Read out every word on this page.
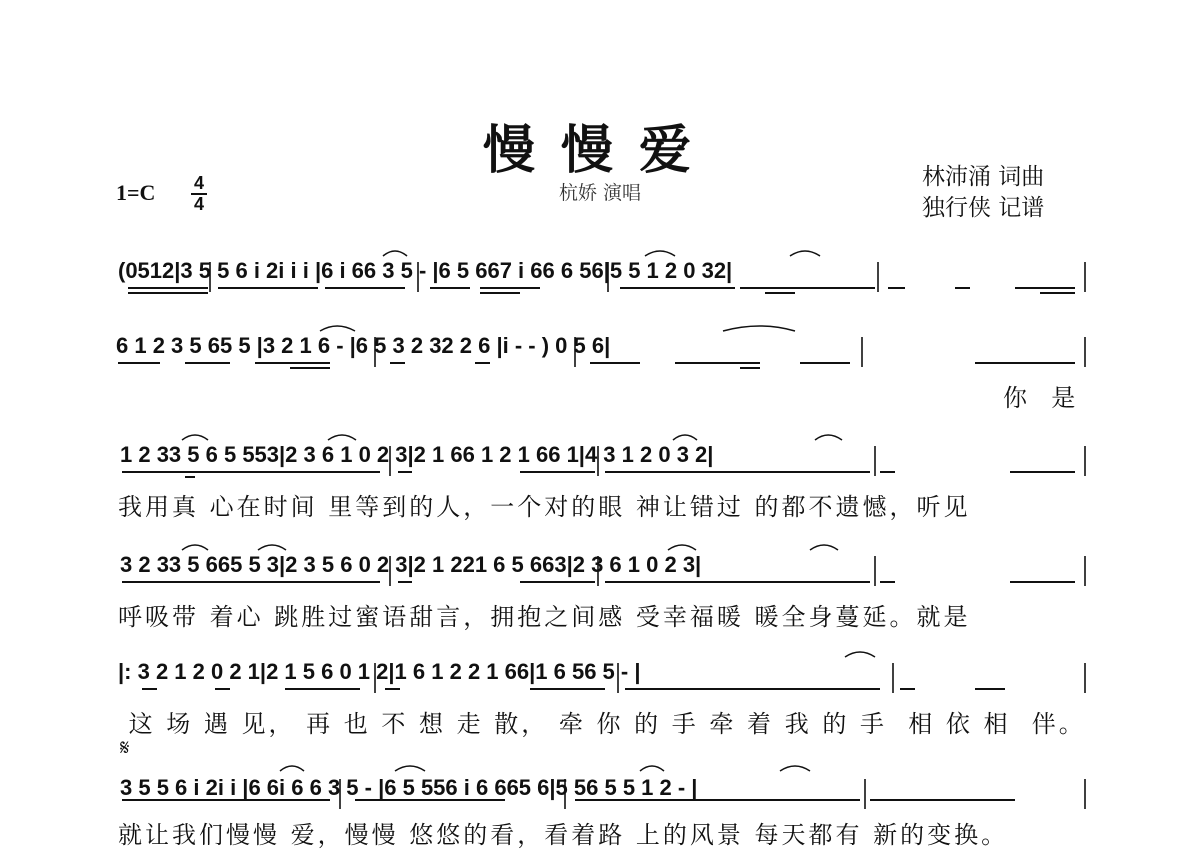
慢慢爱
杭娇 演唱
林沛涌 词曲
独行侠 记谱
1=C 4
4
(0512|3 5 5 6 i 2i i i |6 i 66 3 5 - |6 5 667 i 66 6 56|5 5 1 2 0 32|
6 1 2 3 5 65 5 |3 2 1 6 - |6 5 3 2 32 2 6 |i - - ) 0 5 6|
你  是
1 2 33 5 6 5 553|2 3 6 1 0 2 3|2 1 66 1 2 1 66 1|4 3 1 2 0 3 2|
我用真 心在时间 里等到的人，一个对的眼 神让错过 的都不遗憾，听见
3 2 33 5 665 5 3|2 3 5 6 0 2 3|2 1 221 6 5 663|2 3 6 1 0 2 3|
呼吸带 着心 跳胜过蜜语甜言，拥抱之间感 受幸福暖 暖全身蔓延。就是
|: 3 2 1 2 0 2 1|2 1 5 6 0 1 2|1 6 1 2 2 1 66|1 6 56 5 - |
这 场 遇 见， 再 也 不 想 走 散， 牵 你 的 手 牵 着 我 的 手  相 依 相  伴。
𝄋
3 5 5 6 i 2i i |6 6i 6 6 3 5 - |6 5 556 i 6 665 6|5 56 5 5 1 2 - |
就让我们慢慢 爱，慢慢 悠悠的看，看着路 上的风景 每天都有 新的变换。
